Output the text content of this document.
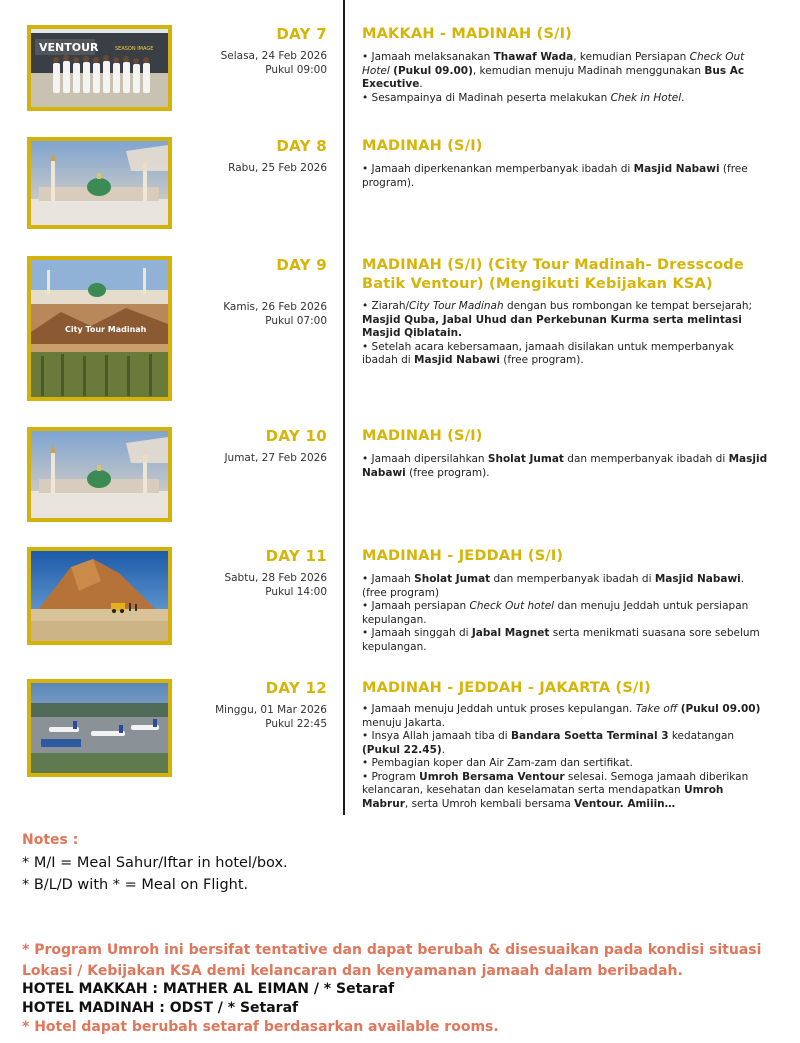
VENTOUR	SEASON IMAGE
DAY 7
Selasa, 24 Feb 2026
Pukul 09:00
MAKKAH - MADINAH (S/I)

• Jamaah melaksanakan Thawaf Wada, kemudian Persiapan Check Out Hotel (Pukul 09.00), kemudian menuju Madinah menggunakan Bus Ac Executive.

• Sesampainya di Madinah peserta melakukan Chek in Hotel.

DAY 8
Rabu, 25 Feb 2026
MADINAH (S/I)

• Jamaah diperkenankan memperbanyak ibadah di Masjid Nabawi (free program).

City Tour Madinah
DAY 9
Kamis, 26 Feb 2026
Pukul 07:00
MADINAH (S/I) (City Tour Madinah- Dresscode Batik Ventour) (Mengikuti Kebijakan KSA)

• Ziarah/City Tour Madinah dengan bus rombongan ke tempat bersejarah; Masjid Quba, Jabal Uhud dan Perkebunan Kurma serta melintasi Masjid Qiblatain.

• Setelah acara kebersamaan, jamaah disilakan untuk memperbanyak ibadah di Masjid Nabawi (free program).

DAY 10
Jumat, 27 Feb 2026
MADINAH (S/I)

• Jamaah dipersilahkan Sholat Jumat dan memperbanyak ibadah di Masjid Nabawi (free program).

DAY 11
Sabtu, 28 Feb 2026
Pukul 14:00
MADINAH - JEDDAH (S/I)

• Jamaah Sholat Jumat dan memperbanyak ibadah di Masjid Nabawi. (free program)

• Jamaah persiapan Check Out hotel dan menuju Jeddah untuk persiapan kepulangan.

• Jamaah singgah di Jabal Magnet serta menikmati suasana sore sebelum kepulangan.

DAY 12
Minggu, 01 Mar 2026
Pukul 22:45
MADINAH - JEDDAH - JAKARTA (S/I)

• Jamaah menuju Jeddah untuk proses kepulangan. Take off (Pukul 09.00) menuju Jakarta.

• Insya Allah jamaah tiba di Bandara Soetta Terminal 3 kedatangan (Pukul 22.45).

• Pembagian koper dan Air Zam-zam dan sertifikat.

• Program Umroh Bersama Ventour selesai. Semoga jamaah diberikan kelancaran, kesehatan dan keselamatan serta mendapatkan Umroh Mabrur, serta Umroh kembali bersama Ventour. Amiiin…

Notes :
* M/I = Meal Sahur/Iftar in hotel/box.
* B/L/D with * = Meal on Flight.
* Program Umroh ini bersifat tentative dan dapat berubah & disesuaikan pada kondisi situasi Lokasi / Kebijakan KSA demi kelancaran dan kenyamanan jamaah dalam beribadah.
HOTEL MAKKAH : MATHER AL EIMAN / * Setaraf
HOTEL MADINAH : ODST / * Setaraf
* Hotel dapat berubah setaraf berdasarkan available rooms.
